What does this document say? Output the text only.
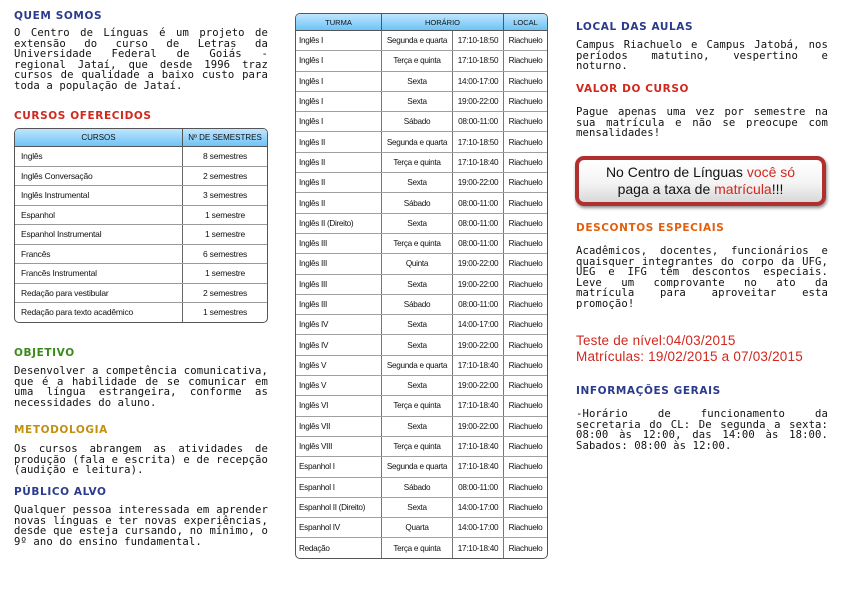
QUEM SOMOS
O Centro de Línguas é um projeto de extensão do curso de Letras da Universidade Federal de Goiás - regional Jataí, que desde 1996 traz cursos de qualidade a baixo custo para toda a população de Jataí.
CURSOS OFERECIDOS
CURSOS	Nº DE SEMESTRES
Inglês	8 semestres
Inglês Conversação	2 semestres
Inglês Instrumental	3 semestres
Espanhol	1 semestre
Espanhol Instrumental	1 semestre
Francês	6 semestres
Francês Instrumental	1 semestre
Redação para vestibular	2 semestres
Redação para texto acadêmico	1 semestres
OBJETIVO
Desenvolver a competência comunicativa, que é a habilidade de se comunicar em uma língua estrangeira, conforme as necessidades do aluno.
METODOLOGIA
Os cursos abrangem as atividades de produção (fala e escrita) e de recepção (audição e leitura).
PÚBLICO ALVO
Qualquer pessoa interessada em aprender novas línguas e ter novas experiências, desde que esteja cursando, no mínimo, o 9º ano do ensino fundamental.
TURMA	HORÁRIO	LOCAL
Inglês I	Segunda e quarta	17:10-18:50	Riachuelo
Inglês I	Terça e quinta	17:10-18:50	Riachuelo
Inglês I	Sexta	14:00-17:00	Riachuelo
Inglês I	Sexta	19:00-22:00	Riachuelo
Inglês I	Sábado	08:00-11:00	Riachuelo
Inglês II	Segunda e quarta	17:10-18:50	Riachuelo
Inglês II	Terça e quinta	17:10-18:40	Riachuelo
Inglês II	Sexta	19:00-22:00	Riachuelo
Inglês II	Sábado	08:00-11:00	Riachuelo
Inglês II (Direito)	Sexta	08:00-11:00	Riachuelo
Inglês III	Terça e quinta	08:00-11:00	Riachuelo
Inglês III	Quinta	19:00-22:00	Riachuelo
Inglês III	Sexta	19:00-22:00	Riachuelo
Inglês III	Sábado	08:00-11:00	Riachuelo
Inglês IV	Sexta	14:00-17:00	Riachuelo
Inglês IV	Sexta	19:00-22:00	Riachuelo
Inglês V	Segunda e quarta	17:10-18:40	Riachuelo
Inglês V	Sexta	19:00-22:00	Riachuelo
Inglês VI	Terça e quinta	17:10-18:40	Riachuelo
Inglês VII	Sexta	19:00-22:00	Riachuelo
Inglês VIII	Terça e quinta	17:10-18:40	Riachuelo
Espanhol I	Segunda e quarta	17:10-18:40	Riachuelo
Espanhol I	Sábado	08:00-11:00	Riachuelo
Espanhol II (Direito)	Sexta	14:00-17:00	Riachuelo
Espanhol IV	Quarta	14:00-17:00	Riachuelo
Redação	Terça e quinta	17:10-18:40	Riachuelo
LOCAL DAS AULAS
Campus Riachuelo e Campus Jatobá, nos períodos matutino, vespertino e noturno.
VALOR DO CURSO
Pague apenas uma vez por semestre na sua matrícula e não se preocupe com mensalidades!
No Centro de Línguas você só
paga a taxa de matrícula!!!
DESCONTOS ESPECIAIS
Acadêmicos, docentes, funcionários e quaisquer integrantes do corpo da UFG, UEG e IFG têm descontos especiais. Leve um comprovante no ato da matrícula para aproveitar esta promoção!
Teste de nível:04/03/2015
Matrículas: 19/02/2015 a 07/03/2015
INFORMAÇÕES GERAIS
-Horário de funcionamento da secretaria do CL: De segunda a sexta: 08:00 às 12:00, das 14:00 às 18:00. Sabados: 08:00 às 12:00.
